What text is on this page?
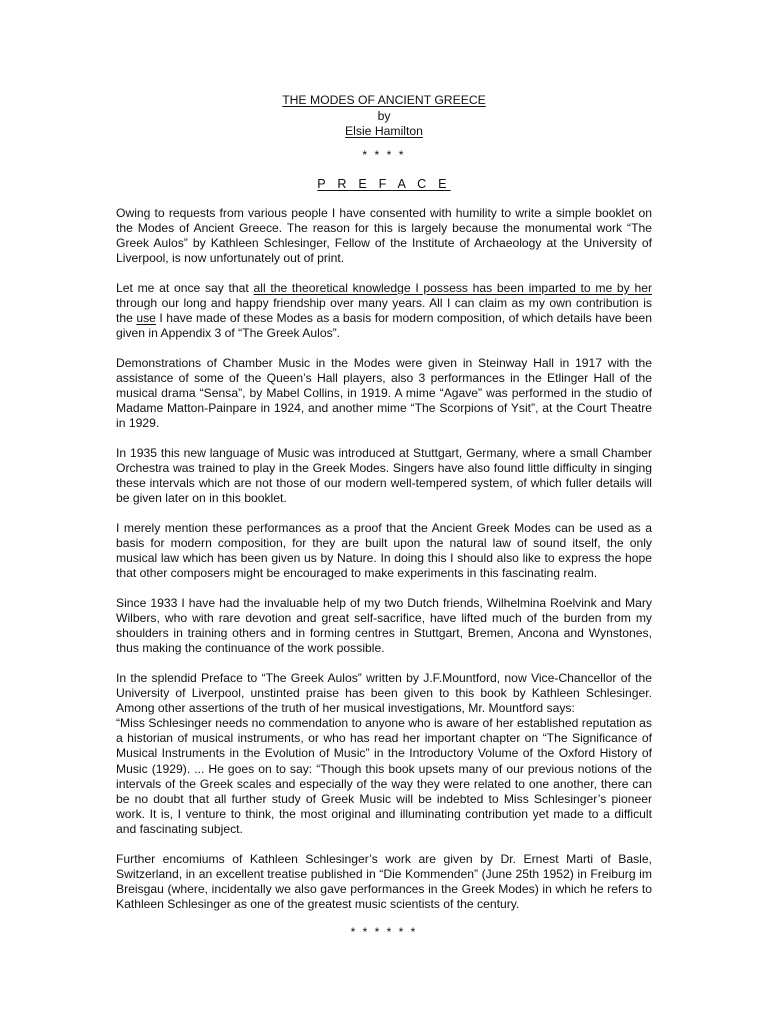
THE MODES OF ANCIENT GREECE
by
Elsie Hamilton
* * * *
P R E F A C E

Owing to requests from various people I have consented with humility to write a simple booklet on the Modes of Ancient Greece. The reason for this is largely because the monumental work “The Greek Aulos” by Kathleen Schlesinger, Fellow of the Institute of Archaeology at the University of Liverpool, is now unfortunately out of print.

Let me at once say that all the theoretical knowledge I possess has been imparted to me by her through our long and happy friendship over many years. All I can claim as my own contribution is the use I have made of these Modes as a basis for modern composition, of which details have been given in Appendix 3 of “The Greek Aulos”.

Demonstrations of Chamber Music in the Modes were given in Steinway Hall in 1917 with the assistance of some of the Queen’s Hall players, also 3 performances in the Etlinger Hall of the musical drama “Sensa”, by Mabel Collins, in 1919. A mime “Agave” was performed in the studio of Madame Matton-Painpare in 1924, and another mime “The Scorpions of Ysit”, at the Court Theatre in 1929.

In 1935 this new language of Music was introduced at Stuttgart, Germany, where a small Chamber Orchestra was trained to play in the Greek Modes. Singers have also found little difficulty in singing these intervals which are not those of our modern well-tempered system, of which fuller details will be given later on in this booklet.

I merely mention these performances as a proof that the Ancient Greek Modes can be used as a basis for modern composition, for they are built upon the natural law of sound itself, the only musical law which has been given us by Nature. In doing this I should also like to express the hope that other composers might be encouraged to make experiments in this fascinating realm.

Since 1933 I have had the invaluable help of my two Dutch friends, Wilhelmina Roelvink and Mary Wilbers, who with rare devotion and great self-sacrifice, have lifted much of the burden from my shoulders in training others and in forming centres in Stuttgart, Bremen, Ancona and Wynstones, thus making the continuance of the work possible.

In the splendid Preface to “The Greek Aulos” written by J.F.Mountford, now Vice-Chancellor of the University of Liverpool, unstinted praise has been given to this book by Kathleen Schlesinger. Among other assertions of the truth of her musical investigations, Mr. Mountford says:

“Miss Schlesinger needs no commendation to anyone who is aware of her established reputation as a historian of musical instruments, or who has read her important chapter on “The Significance of Musical Instruments in the Evolution of Music” in the Introductory Volume of the Oxford History of Music (1929). ... He goes on to say: “Though this book upsets many of our previous notions of the intervals of the Greek scales and especially of the way they were related to one another, there can be no doubt that all further study of Greek Music will be indebted to Miss Schlesinger’s pioneer work. It is, I venture to think, the most original and illuminating contribution yet made to a difficult and fascinating subject.

Further encomiums of Kathleen Schlesinger’s work are given by Dr. Ernest Marti of Basle, Switzerland, in an excellent treatise published in “Die Kommenden” (June 25th 1952) in Freiburg im Breisgau (where, incidentally we also gave performances in the Greek Modes) in which he refers to Kathleen Schlesinger as one of the greatest music scientists of the century.

* * * * * *
